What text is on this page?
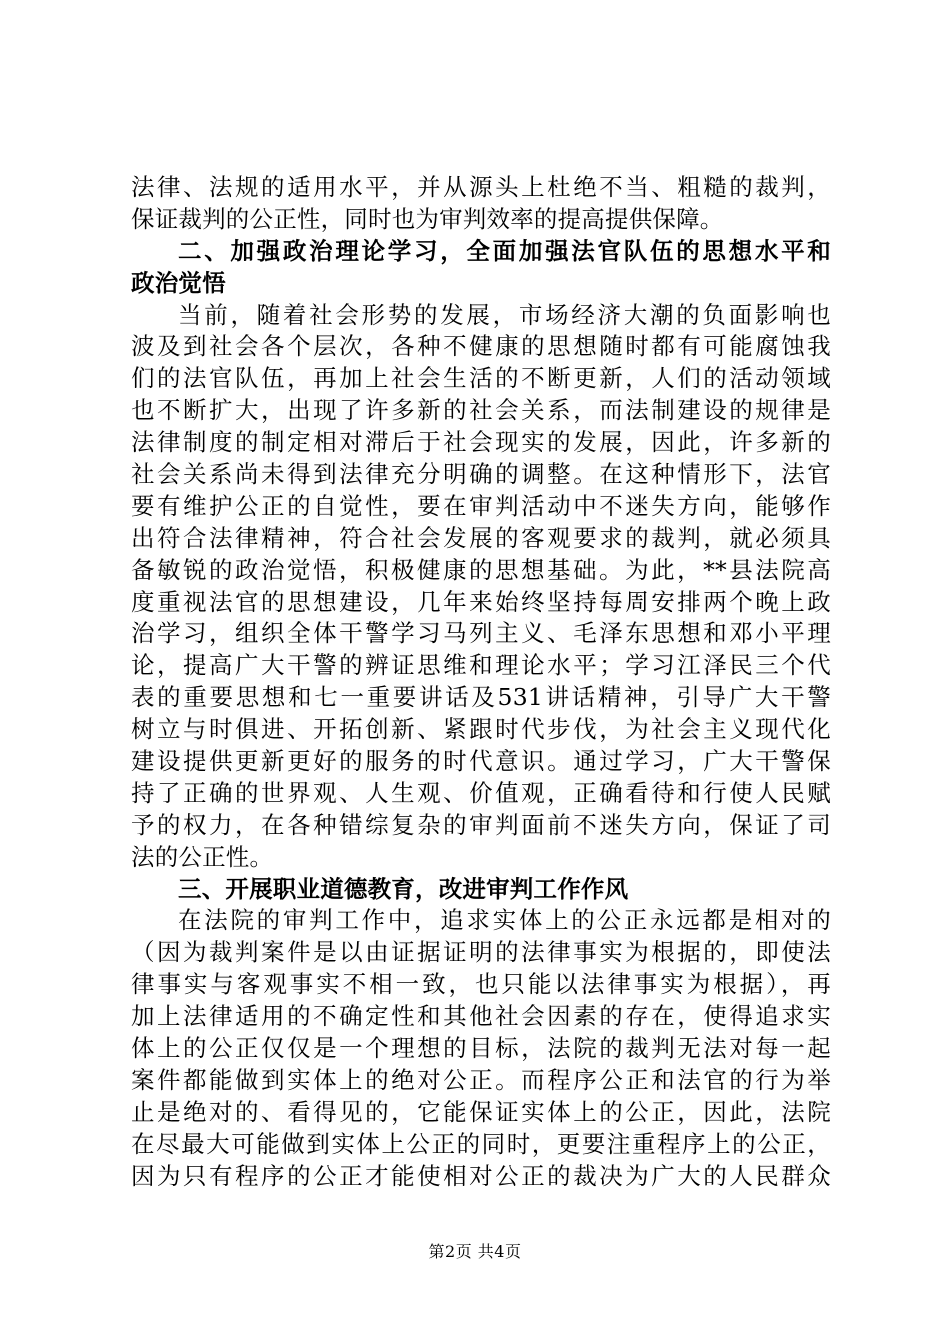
法律、法规的适用水平，并从源头上杜绝不当、粗糙的裁判，
保证裁判的公正性，同时也为审判效率的提高提供保障。
二、加强政治理论学习，全面加强法官队伍的思想水平和
政治觉悟
当前，随着社会形势的发展，市场经济大潮的负面影响也
波及到社会各个层次，各种不健康的思想随时都有可能腐蚀我
们的法官队伍，再加上社会生活的不断更新，人们的活动领域
也不断扩大，出现了许多新的社会关系，而法制建设的规律是
法律制度的制定相对滞后于社会现实的发展，因此，许多新的
社会关系尚未得到法律充分明确的调整。在这种情形下，法官
要有维护公正的自觉性，要在审判活动中不迷失方向，能够作
出符合法律精神，符合社会发展的客观要求的裁判，就必须具
备敏锐的政治觉悟，积极健康的思想基础。为此，**县法院高
度重视法官的思想建设，几年来始终坚持每周安排两个晚上政
治学习，组织全体干警学习马列主义、毛泽东思想和邓小平理
论，提高广大干警的辨证思维和理论水平；学习江泽民三个代
表的重要思想和七一重要讲话及531讲话精神，引导广大干警
树立与时俱进、开拓创新、紧跟时代步伐，为社会主义现代化
建设提供更新更好的服务的时代意识。通过学习，广大干警保
持了正确的世界观、人生观、价值观，正确看待和行使人民赋
予的权力，在各种错综复杂的审判面前不迷失方向，保证了司
法的公正性。
三、开展职业道德教育，改进审判工作作风
在法院的审判工作中，追求实体上的公正永远都是相对的
（因为裁判案件是以由证据证明的法律事实为根据的，即使法
律事实与客观事实不相一致，也只能以法律事实为根据），再
加上法律适用的不确定性和其他社会因素的存在，使得追求实
体上的公正仅仅是一个理想的目标，法院的裁判无法对每一起
案件都能做到实体上的绝对公正。而程序公正和法官的行为举
止是绝对的、看得见的，它能保证实体上的公正，因此，法院
在尽最大可能做到实体上公正的同时，更要注重程序上的公正，
因为只有程序的公正才能使相对公正的裁决为广大的人民群众
第2页 共4页
